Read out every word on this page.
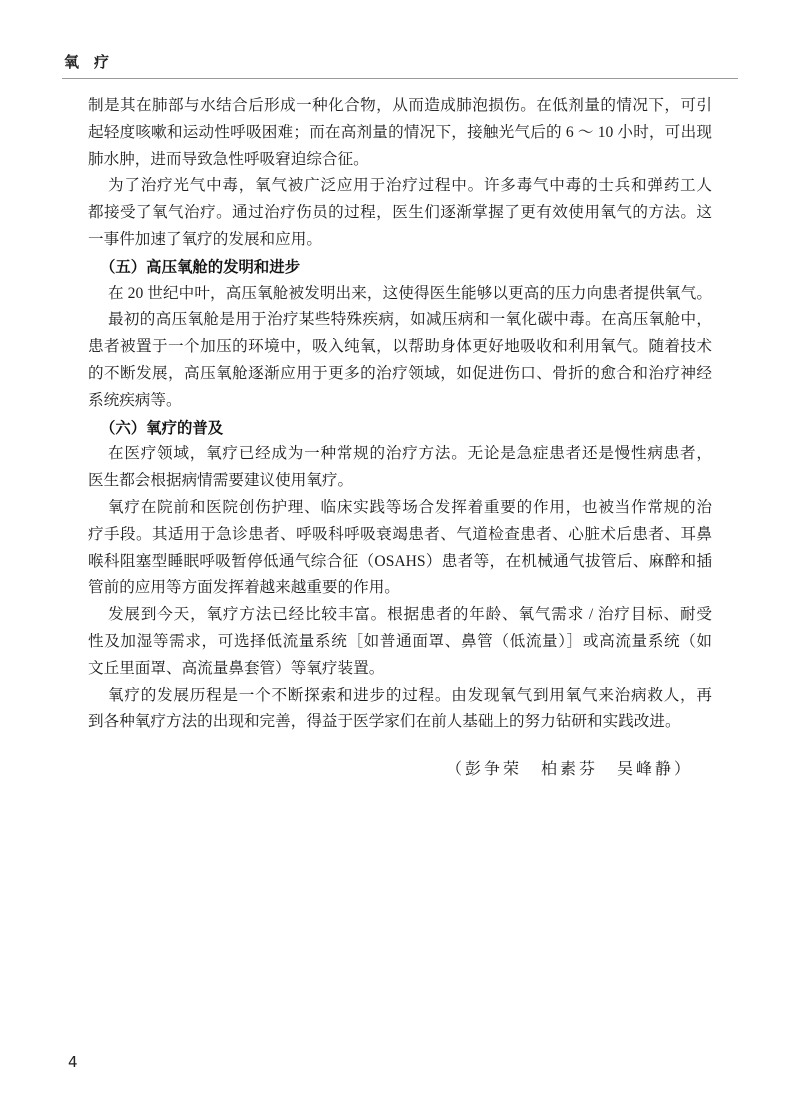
氧　疗
制是其在肺部与水结合后形成一种化合物，从而造成肺泡损伤。在低剂量的情况下，可引
起轻度咳嗽和运动性呼吸困难；而在高剂量的情况下，接触光气后的 6 ～ 10 小时，可出现
肺水肿，进而导致急性呼吸窘迫综合征。
为了治疗光气中毒，氧气被广泛应用于治疗过程中。许多毒气中毒的士兵和弹药工人
都接受了氧气治疗。通过治疗伤员的过程，医生们逐渐掌握了更有效使用氧气的方法。这
一事件加速了氧疗的发展和应用。
（五）高压氧舱的发明和进步
在 20 世纪中叶，高压氧舱被发明出来，这使得医生能够以更高的压力向患者提供氧气。
最初的高压氧舱是用于治疗某些特殊疾病，如减压病和一氧化碳中毒。在高压氧舱中，
患者被置于一个加压的环境中，吸入纯氧，以帮助身体更好地吸收和利用氧气。随着技术
的不断发展，高压氧舱逐渐应用于更多的治疗领域，如促进伤口、骨折的愈合和治疗神经
系统疾病等。
（六）氧疗的普及
在医疗领域，氧疗已经成为一种常规的治疗方法。无论是急症患者还是慢性病患者，
医生都会根据病情需要建议使用氧疗。
氧疗在院前和医院创伤护理、临床实践等场合发挥着重要的作用，也被当作常规的治
疗手段。其适用于急诊患者、呼吸科呼吸衰竭患者、气道检查患者、心脏术后患者、耳鼻
喉科阻塞型睡眠呼吸暂停低通气综合征（OSAHS）患者等，在机械通气拔管后、麻醉和插
管前的应用等方面发挥着越来越重要的作用。
发展到今天，氧疗方法已经比较丰富。根据患者的年龄、氧气需求 / 治疗目标、耐受
性及加湿等需求，可选择低流量系统［如普通面罩、鼻管（低流量）］或高流量系统（如
文丘里面罩、高流量鼻套管）等氧疗装置。
氧疗的发展历程是一个不断探索和进步的过程。由发现氧气到用氧气来治病救人，再
到各种氧疗方法的出现和完善，得益于医学家们在前人基础上的努力钻研和实践改进。
（彭争荣　柏素芬　吴峰静）
4
